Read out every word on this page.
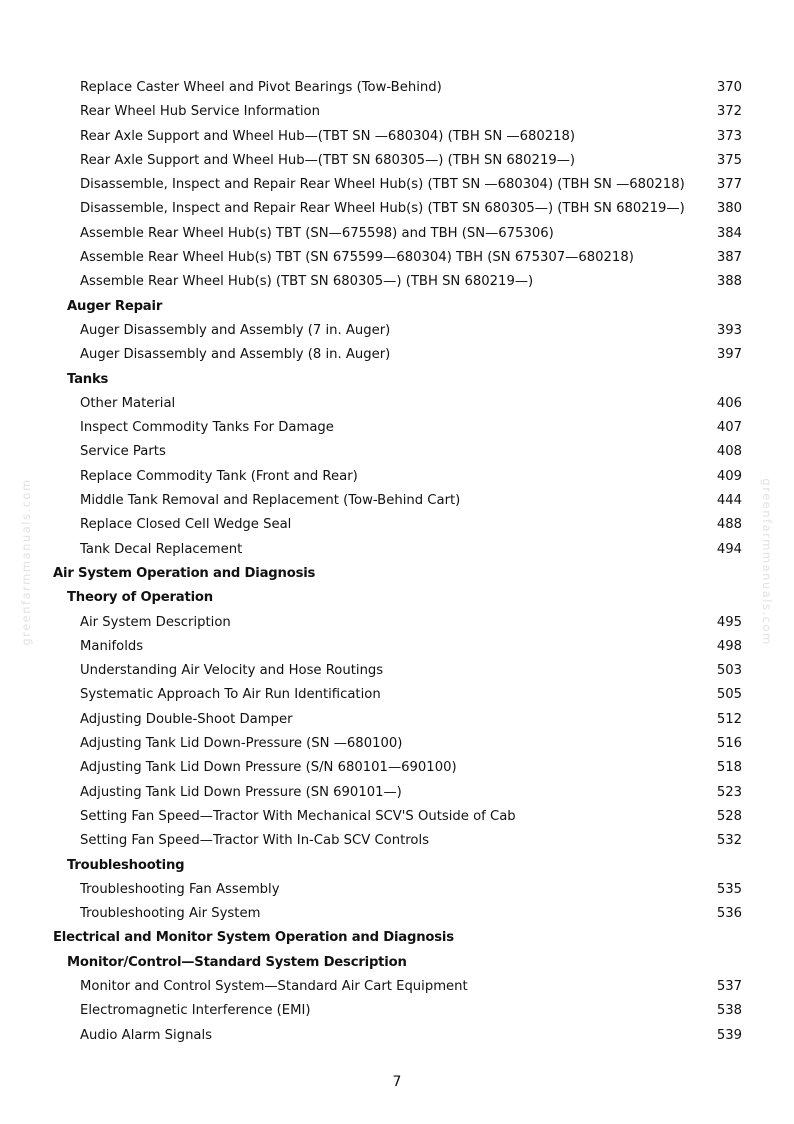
greenfarmmanuals.com	greenfarmmanuals.com
Replace Caster Wheel and Pivot Bearings (Tow-Behind)	370
Rear Wheel Hub Service Information	372
Rear Axle Support and Wheel Hub—(TBT SN —680304) (TBH SN —680218)	373
Rear Axle Support and Wheel Hub—(TBT SN 680305—) (TBH SN 680219—)	375
Disassemble, Inspect and Repair Rear Wheel Hub(s) (TBT SN —680304) (TBH SN —680218) 377
Disassemble, Inspect and Repair Rear Wheel Hub(s) (TBT SN 680305—) (TBH SN 680219—) 380
Assemble Rear Wheel Hub(s) TBT (SN—675598) and TBH (SN—675306)	384
Assemble Rear Wheel Hub(s) TBT (SN 675599—680304) TBH (SN 675307—680218)	387
Assemble Rear Wheel Hub(s) (TBT SN 680305—) (TBH SN 680219—)	388
Auger Repair
Auger Disassembly and Assembly (7 in. Auger)	393
Auger Disassembly and Assembly (8 in. Auger)	397
Tanks
Other Material	406
Inspect Commodity Tanks For Damage	407
Service Parts	408
Replace Commodity Tank (Front and Rear)	409
Middle Tank Removal and Replacement (Tow-Behind Cart)	444
Replace Closed Cell Wedge Seal	488
Tank Decal Replacement	494
Air System Operation and Diagnosis
Theory of Operation
Air System Description	495
Manifolds	498
Understanding Air Velocity and Hose Routings	503
Systematic Approach To Air Run Identification	505
Adjusting Double-Shoot Damper	512
Adjusting Tank Lid Down-Pressure (SN —680100)	516
Adjusting Tank Lid Down Pressure (S/N 680101—690100)	518
Adjusting Tank Lid Down Pressure (SN 690101—)	523
Setting Fan Speed—Tractor With Mechanical SCV'S Outside of Cab	528
Setting Fan Speed—Tractor With In-Cab SCV Controls	532
Troubleshooting
Troubleshooting Fan Assembly	535
Troubleshooting Air System	536
Electrical and Monitor System Operation and Diagnosis
Monitor/Control—Standard System Description
Monitor and Control System—Standard Air Cart Equipment	537
Electromagnetic Interference (EMI)	538
Audio Alarm Signals	539
7
